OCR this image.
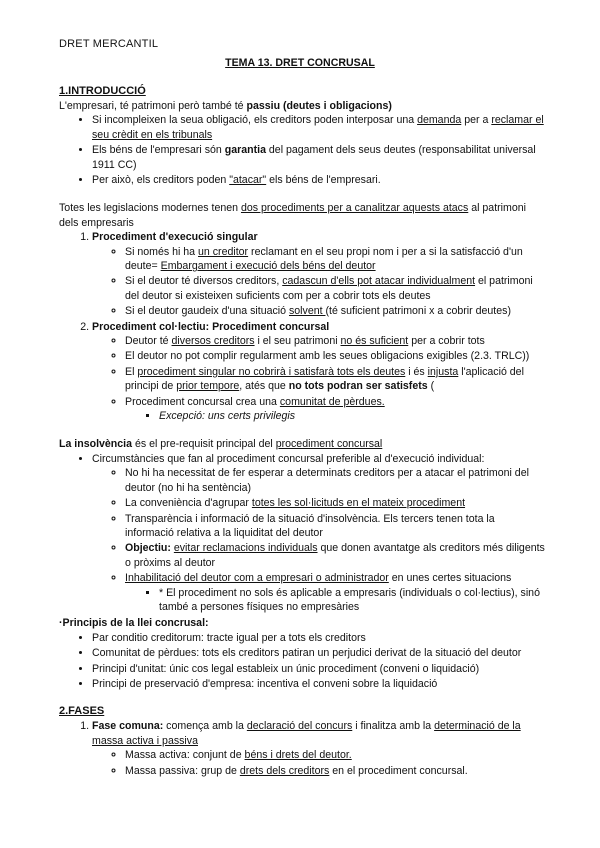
DRET MERCANTIL
TEMA 13. DRET CONCRUSAL

1.INTRODUCCIÓ

L'empresari, té patrimoni però també té passiu (deutes i obligacions)

• Si incompleixen la seua obligació, els creditors poden interposar una demanda per a reclamar el seu crèdit en els tribunals
• Els béns de l'empresari són garantia del pagament dels seus deutes (responsabilitat universal 1911 CC)
• Per això, els creditors poden "atacar" els béns de l'empresari.

Totes les legislacions modernes tenen dos procediments per a canalitzar aquests atacs al patrimoni dels empresaris

1. Procediment d'execució singular
◦ Si només hi ha un creditor reclamant en el seu propi nom i per a si la satisfacció d'un deute= Embargament i execució dels béns del deutor
◦ Si el deutor té diversos creditors, cadascun d'ells pot atacar individualment el patrimoni del deutor si existeixen suficients com per a cobrir tots els deutes
◦ Si el deutor gaudeix d'una situació solvent (té suficient patrimoni x a cobrir deutes)
2. Procediment col·lectiu: Procediment concursal
◦ Deutor té diversos creditors i el seu patrimoni no és suficient per a cobrir tots
◦ El deutor no pot complir regularment amb les seues obligacions exigibles (2.3. TRLC))
◦ El procediment singular no cobrirà i satisfarà tots els deutes i és injusta l'aplicació del principi de prior tempore, atés que no tots podran ser satisfets (
◦ Procediment concursal crea una comunitat de pèrdues.
▪ Excepció: uns certs privilegis

La insolvència és el pre-requisit principal del procediment concursal

• Circumstàncies que fan al procediment concursal preferible al d'execució individual:
◦ No hi ha necessitat de fer esperar a determinats creditors per a atacar el patrimoni del deutor (no hi ha sentència)
◦ La conveniència d'agrupar totes les sol·licituds en el mateix procediment
◦ Transparència i informació de la situació d'insolvència. Els tercers tenen tota la informació relativa a la liquiditat del deutor
◦ Objectiu: evitar reclamacions individuals que donen avantatge als creditors més diligents o pròxims al deutor
◦ Inhabilitació del deutor com a empresari o administrador en unes certes situacions
▪ * El procediment no sols és aplicable a empresaris (individuals o col·lectius), sinó també a persones físiques no empresàries

·Principis de la llei concrusal:

• Par conditio creditorum: tracte igual per a tots els creditors
• Comunitat de pèrdues: tots els creditors patiran un perjudici derivat de la situació del deutor
• Principi d'unitat: únic cos legal estableix un únic procediment (conveni o liquidació)
• Principi de preservació d'empresa: incentiva el conveni sobre la liquidació

2.FASES

1. Fase comuna: comença amb la declaració del concurs i finalitza amb la determinació de la massa activa i passiva
◦ Massa activa: conjunt de béns i drets del deutor.
◦ Massa passiva: grup de drets dels creditors en el procediment concursal.
